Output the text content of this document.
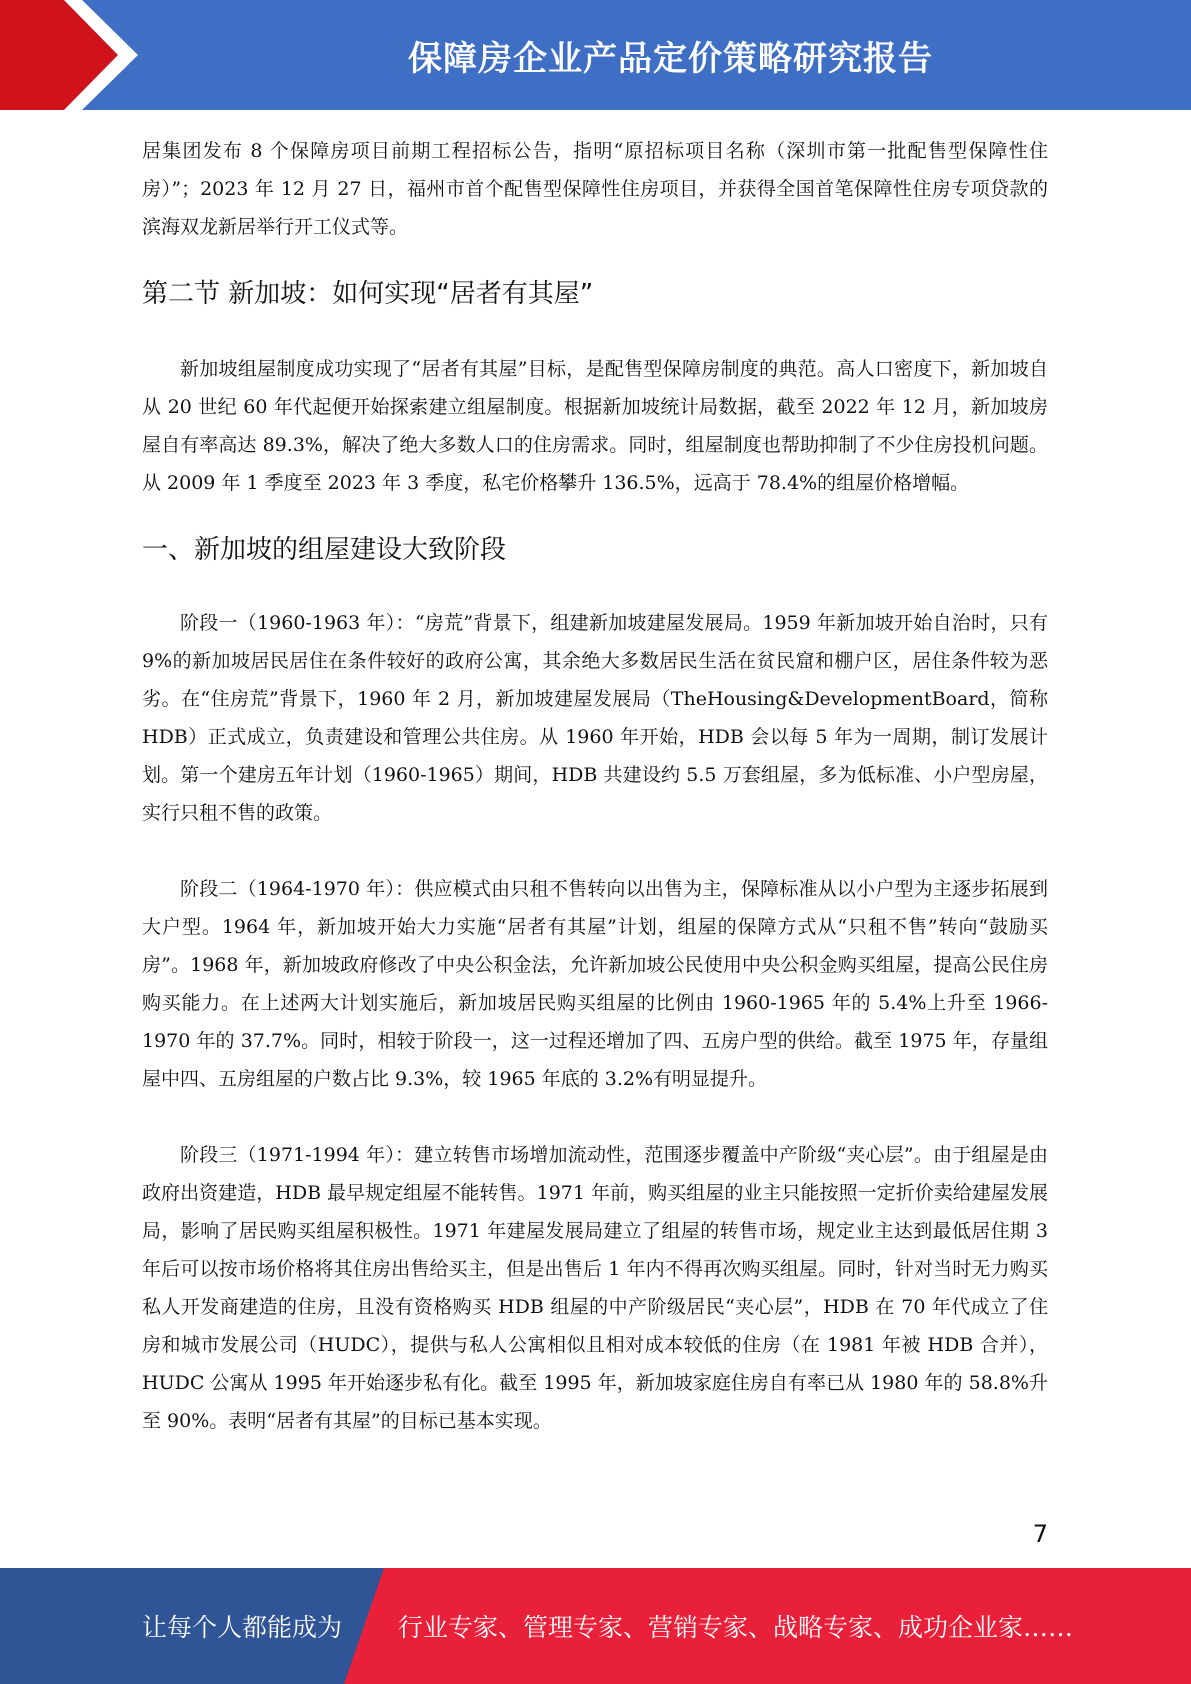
保障房企业产品定价策略研究报告

居集团发布 8 个保障房项目前期工程招标公告，指明“原招标项目名称（深圳市第一批配售型保障性住房）”；2023 年 12 月 27 日，福州市首个配售型保障性住房项目，并获得全国首笔保障性住房专项贷款的滨海双龙新居举行开工仪式等。

第二节 新加坡：如何实现“居者有其屋”

新加坡组屋制度成功实现了“居者有其屋”目标，是配售型保障房制度的典范。高人口密度下，新加坡自从 20 世纪 60 年代起便开始探索建立组屋制度。根据新加坡统计局数据，截至 2022 年 12 月，新加坡房屋自有率高达 89.3%，解决了绝大多数人口的住房需求。同时，组屋制度也帮助抑制了不少住房投机问题。从 2009 年 1 季度至 2023 年 3 季度，私宅价格攀升 136.5%，远高于 78.4%的组屋价格增幅。

一、新加坡的组屋建设大致阶段

阶段一（1960-1963 年）：“房荒”背景下，组建新加坡建屋发展局。1959 年新加坡开始自治时，只有 9%的新加坡居民居住在条件较好的政府公寓，其余绝大多数居民生活在贫民窟和棚户区，居住条件较为恶劣。在“住房荒”背景下，1960 年 2 月，新加坡建屋发展局（TheHousing&DevelopmentBoard，简称 HDB）正式成立，负责建设和管理公共住房。从 1960 年开始，HDB 会以每 5 年为一周期，制订发展计划。第一个建房五年计划（1960-1965）期间，HDB 共建设约 5.5 万套组屋，多为低标准、小户型房屋，实行只租不售的政策。

阶段二（1964-1970 年）：供应模式由只租不售转向以出售为主，保障标准从以小户型为主逐步拓展到大户型。1964 年，新加坡开始大力实施“居者有其屋”计划，组屋的保障方式从“只租不售”转向“鼓励买房”。1968 年，新加坡政府修改了中央公积金法，允许新加坡公民使用中央公积金购买组屋，提高公民住房购买能力。在上述两大计划实施后，新加坡居民购买组屋的比例由 1960-1965 年的 5.4%上升至 1966-1970 年的 37.7%。同时，相较于阶段一，这一过程还增加了四、五房户型的供给。截至 1975 年，存量组屋中四、五房组屋的户数占比 9.3%，较 1965 年底的 3.2%有明显提升。

阶段三（1971-1994 年）：建立转售市场增加流动性，范围逐步覆盖中产阶级“夹心层”。由于组屋是由政府出资建造，HDB 最早规定组屋不能转售。1971 年前，购买组屋的业主只能按照一定折价卖给建屋发展局，影响了居民购买组屋积极性。1971 年建屋发展局建立了组屋的转售市场，规定业主达到最低居住期 3 年后可以按市场价格将其住房出售给买主，但是出售后 1 年内不得再次购买组屋。同时，针对当时无力购买私人开发商建造的住房，且没有资格购买 HDB 组屋的中产阶级居民“夹心层”，HDB 在 70 年代成立了住房和城市发展公司（HUDC），提供与私人公寓相似且相对成本较低的住房（在 1981 年被 HDB 合并），HUDC 公寓从 1995 年开始逐步私有化。截至 1995 年，新加坡家庭住房自有率已从 1980 年的 58.8%升至 90%。表明“居者有其屋”的目标已基本实现。

7
让每个人都能成为 行业专家、管理专家、营销专家、战略专家、成功企业家……
